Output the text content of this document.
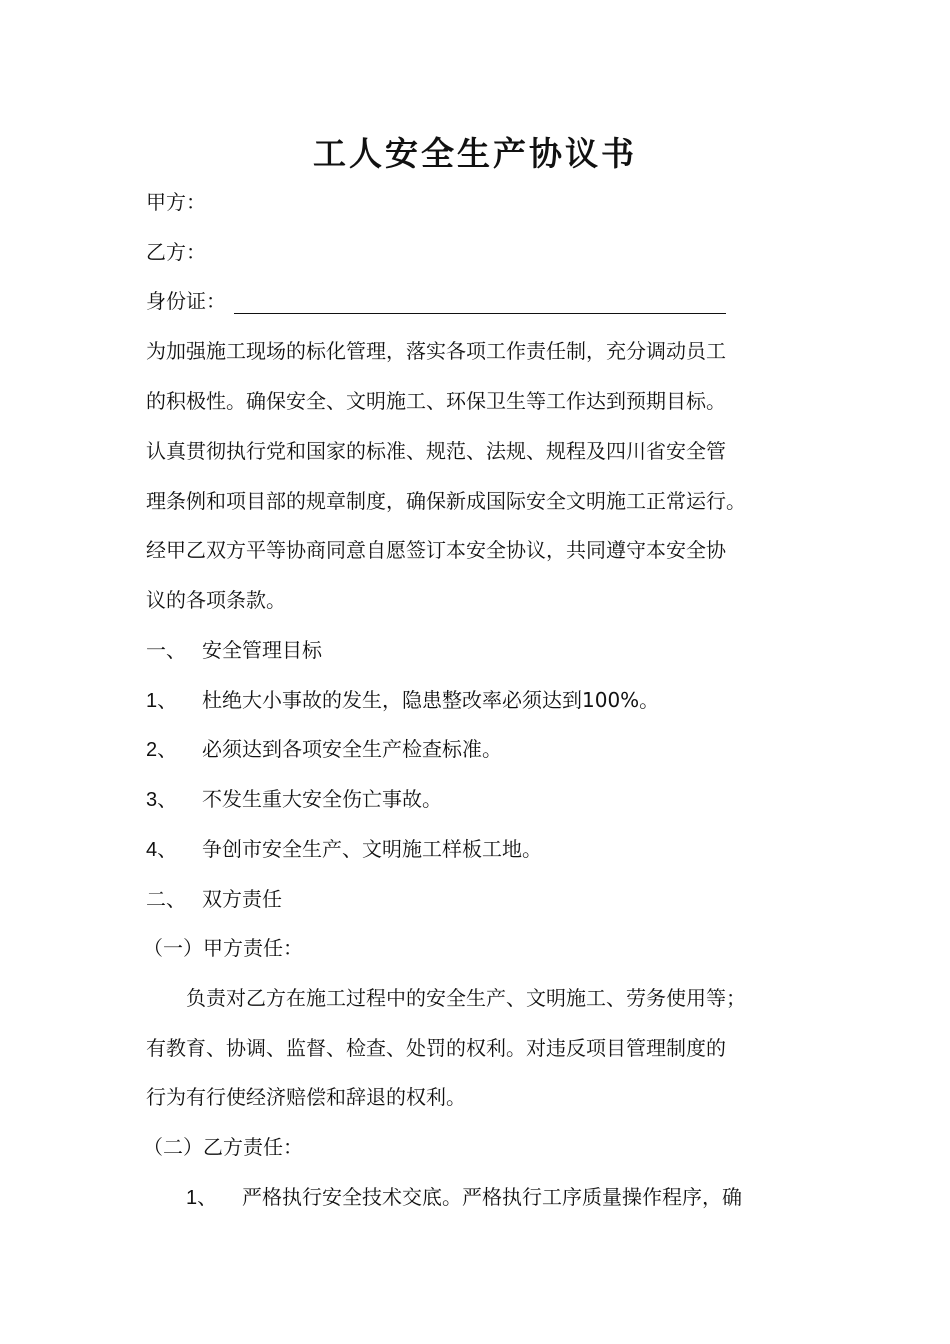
工人安全生产协议书
甲方：
乙方：
身份证：
为加强施工现场的标化管理，落实各项工作责任制，充分调动员工
的积极性。确保安全、文明施工、环保卫生等工作达到预期目标。
认真贯彻执行党和国家的标准、规范、法规、规程及四川省安全管
理条例和项目部的规章制度，确保新成国际安全文明施工正常运行。
经甲乙双方平等协商同意自愿签订本安全协议，共同遵守本安全协
议的各项条款。
一、 安全管理目标
1、 杜绝大小事故的发生，隐患整改率必须达到100%。
2、 必须达到各项安全生产检查标准。
3、 不发生重大安全伤亡事故。
4、 争创市安全生产、文明施工样板工地。
二、 双方责任
（一）甲方责任：
负责对乙方在施工过程中的安全生产、文明施工、劳务使用等；
有教育、协调、监督、检查、处罚的权利。对违反项目管理制度的
行为有行使经济赔偿和辞退的权利。
（二）乙方责任：
1、 严格执行安全技术交底。严格执行工序质量操作程序，确
